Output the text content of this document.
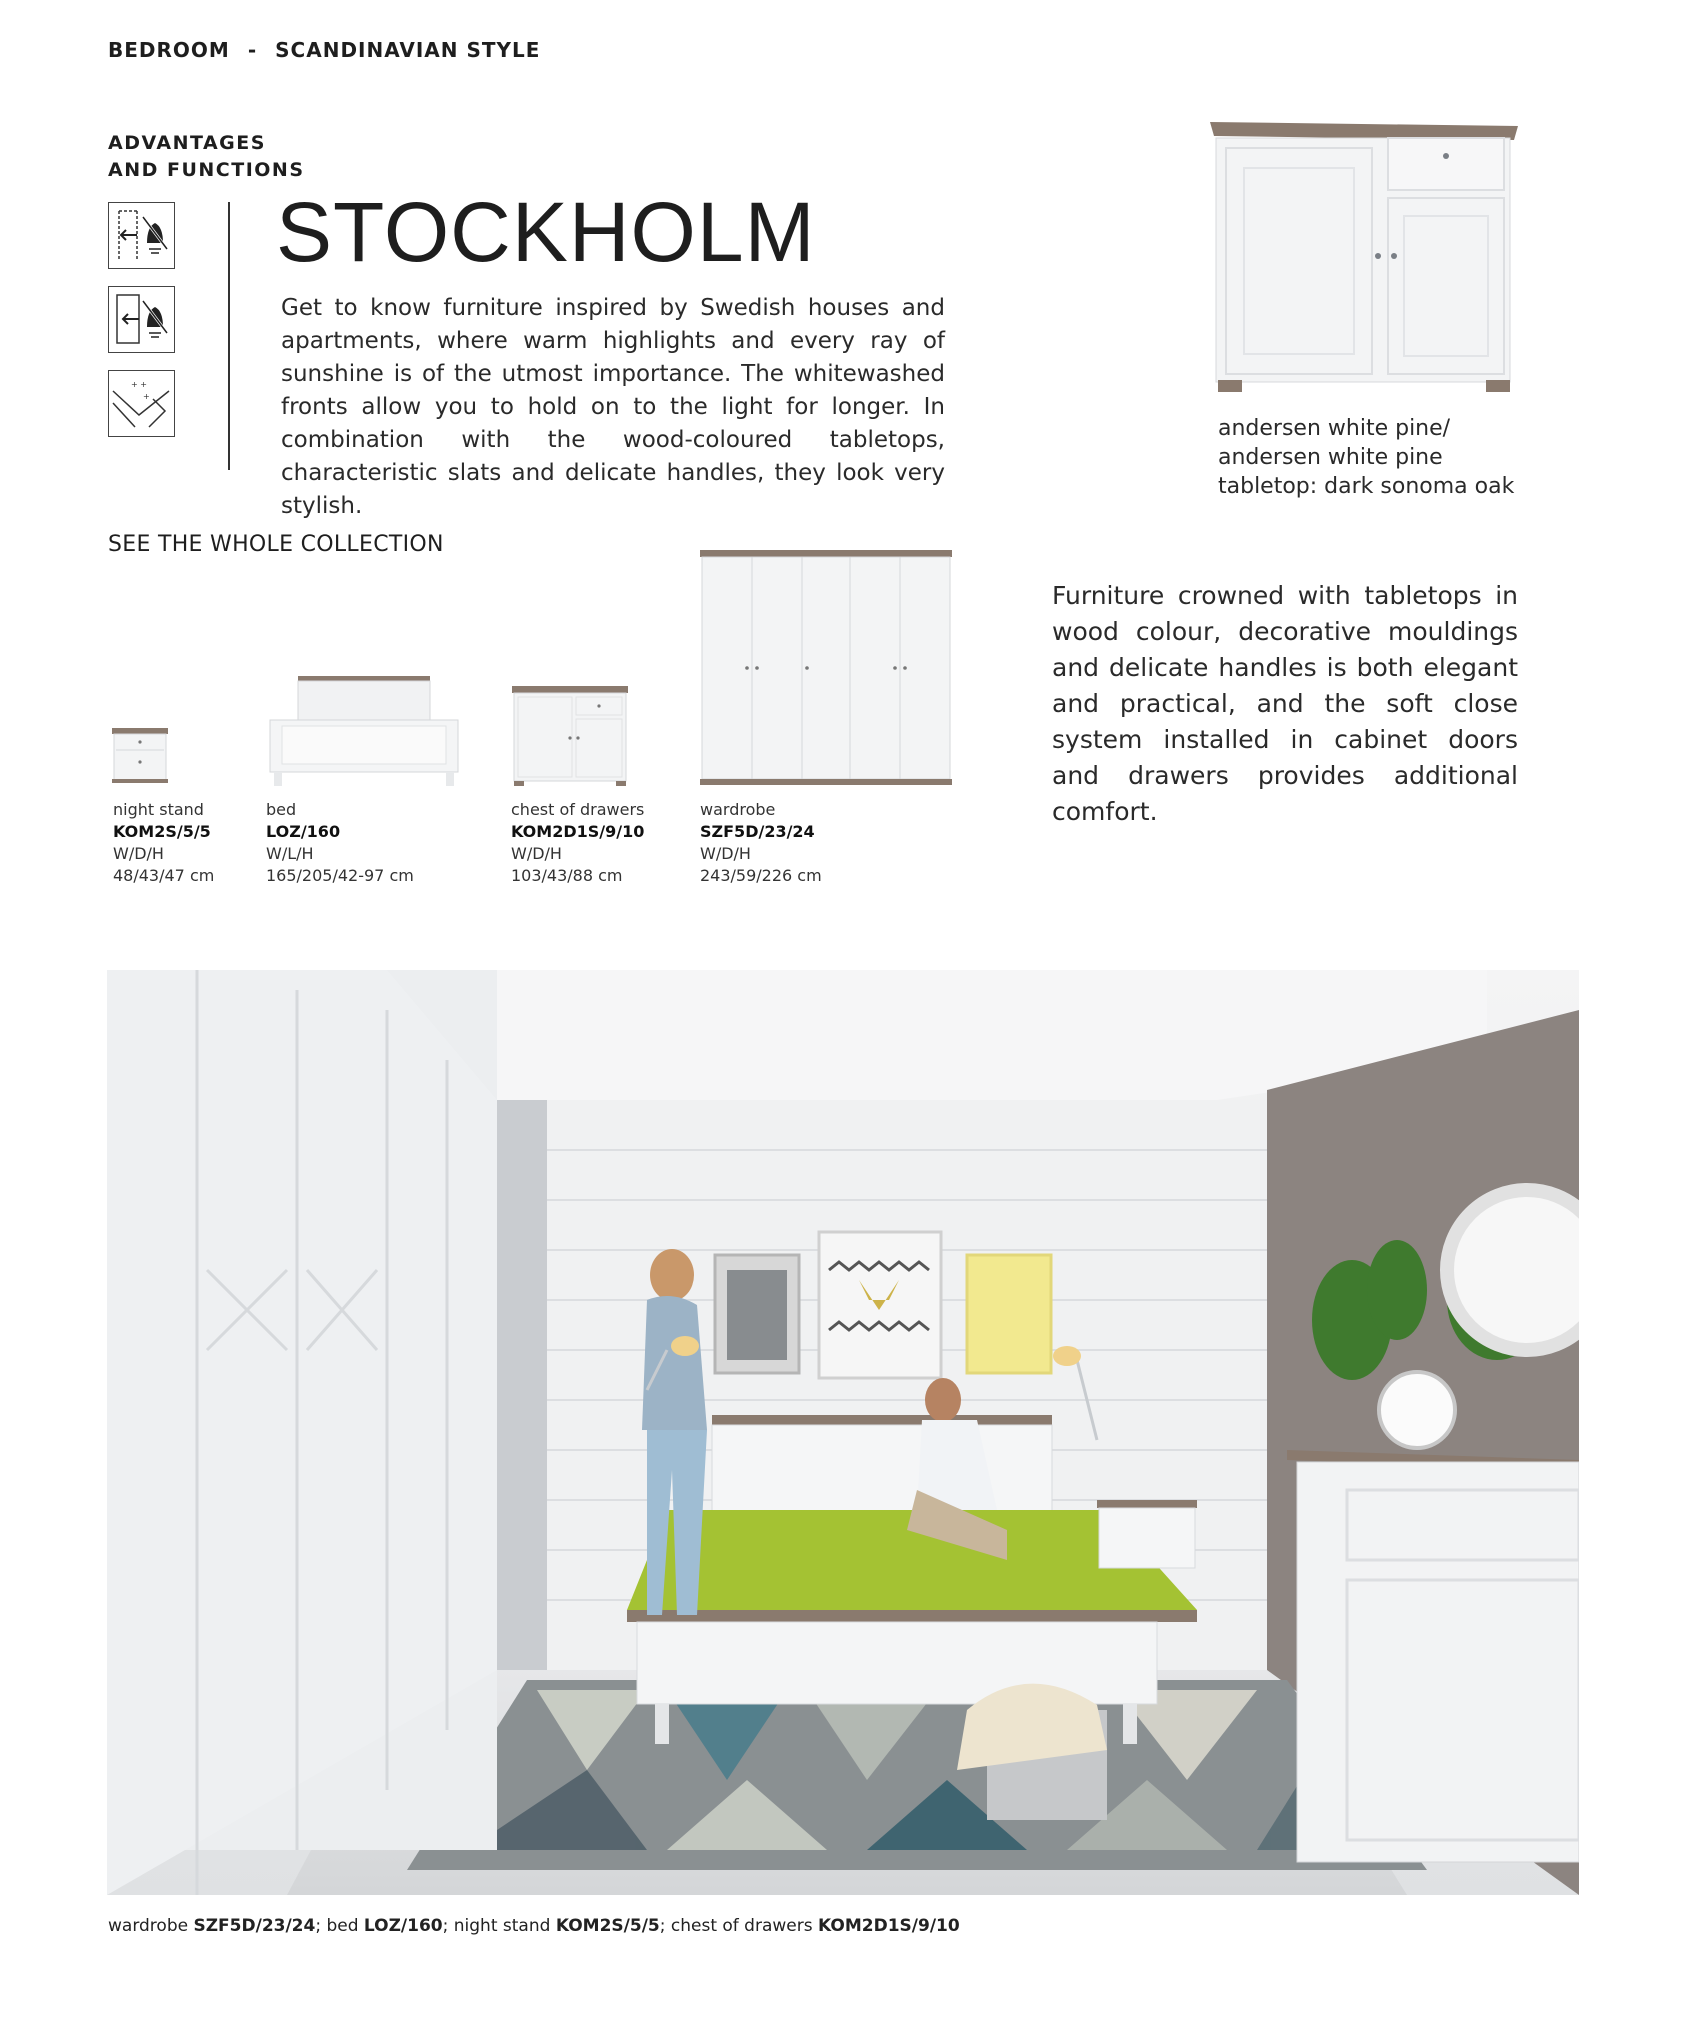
BEDROOM - SCANDINAVIAN STYLE
ADVANTAGES
AND FUNCTIONS
+ +
+
STOCKHOLM
Get to know furniture inspired by Swedish houses and apartments, where warm highlights and every ray of sunshine is of the utmost importance. The whitewashed fronts allow you to hold on to the light for longer. In combination with the wood-coloured tabletops, characteristic slats and delicate handles, they look very stylish.
andersen white pine/
andersen white pine
tabletop: dark sonoma oak
SEE THE WHOLE COLLECTION
night stand
KOM2S/5/5
W/D/H
48/43/47 cm
bed
LOZ/160
W/L/H
165/205/42-97 cm
chest of drawers
KOM2D1S/9/10
W/D/H
103/43/88 cm
wardrobe
SZF5D/23/24
W/D/H
243/59/226 cm
Furniture crowned with tabletops in wood colour, decorative mouldings and delicate handles is both elegant and practical, and the soft close system installed in cabinet doors and drawers provides additional comfort.
wardrobe SZF5D/23/24; bed LOZ/160; night stand KOM2S/5/5; chest of drawers KOM2D1S/9/10
